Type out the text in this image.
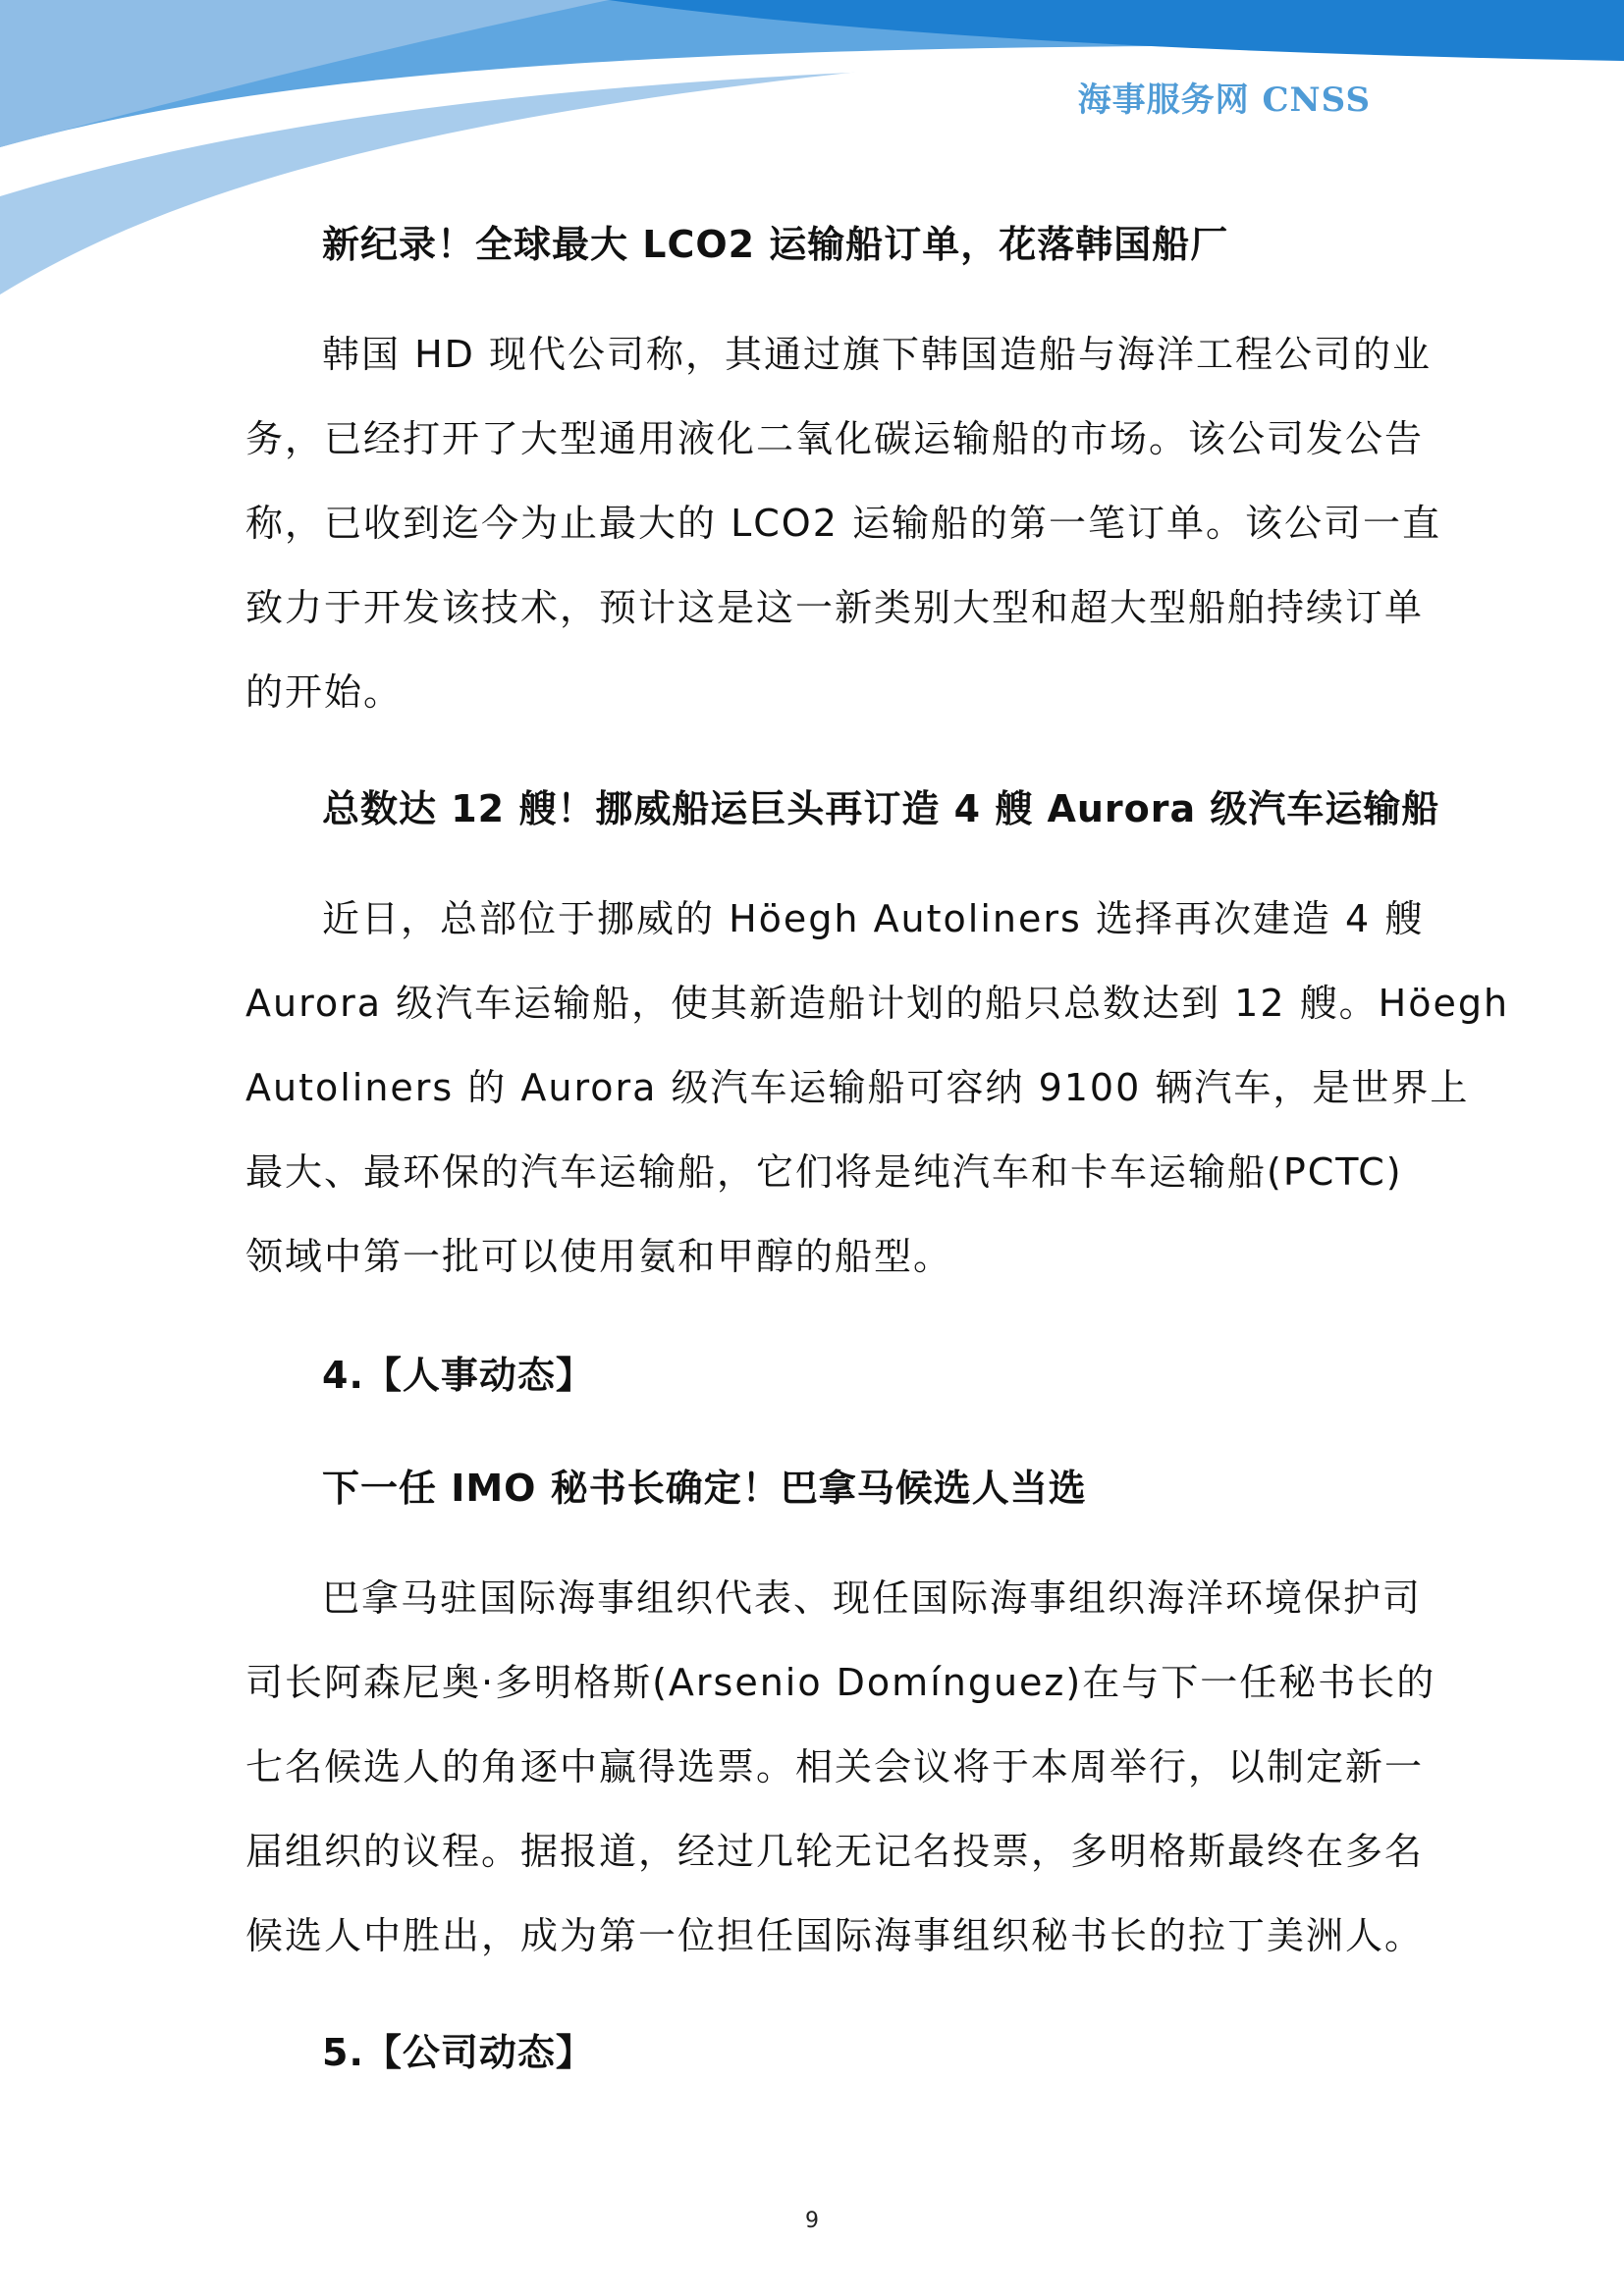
海事服务网 CNSS
新纪录！全球最大 LCO2 运输船订单，花落韩国船厂
韩国 HD 现代公司称，其通过旗下韩国造船与海洋工程公司的业
务，已经打开了大型通用液化二氧化碳运输船的市场。该公司发公告
称，已收到迄今为止最大的 LCO2 运输船的第一笔订单。该公司一直
致力于开发该技术，预计这是这一新类别大型和超大型船舶持续订单
的开始。
总数达 12 艘！挪威船运巨头再订造 4 艘 Aurora 级汽车运输船
近日，总部位于挪威的 Höegh Autoliners 选择再次建造 4 艘
Aurora 级汽车运输船，使其新造船计划的船只总数达到 12 艘。Höegh
Autoliners 的 Aurora 级汽车运输船可容纳 9100 辆汽车，是世界上
最大、最环保的汽车运输船，它们将是纯汽车和卡车运输船(PCTC)
领域中第一批可以使用氨和甲醇的船型。
4.【人事动态】
下一任 IMO 秘书长确定！巴拿马候选人当选
巴拿马驻国际海事组织代表、现任国际海事组织海洋环境保护司
司长阿森尼奥·多明格斯(Arsenio Domínguez)在与下一任秘书长的
七名候选人的角逐中赢得选票。相关会议将于本周举行，以制定新一
届组织的议程。据报道，经过几轮无记名投票，多明格斯最终在多名
候选人中胜出，成为第一位担任国际海事组织秘书长的拉丁美洲人。
5.【公司动态】
9
